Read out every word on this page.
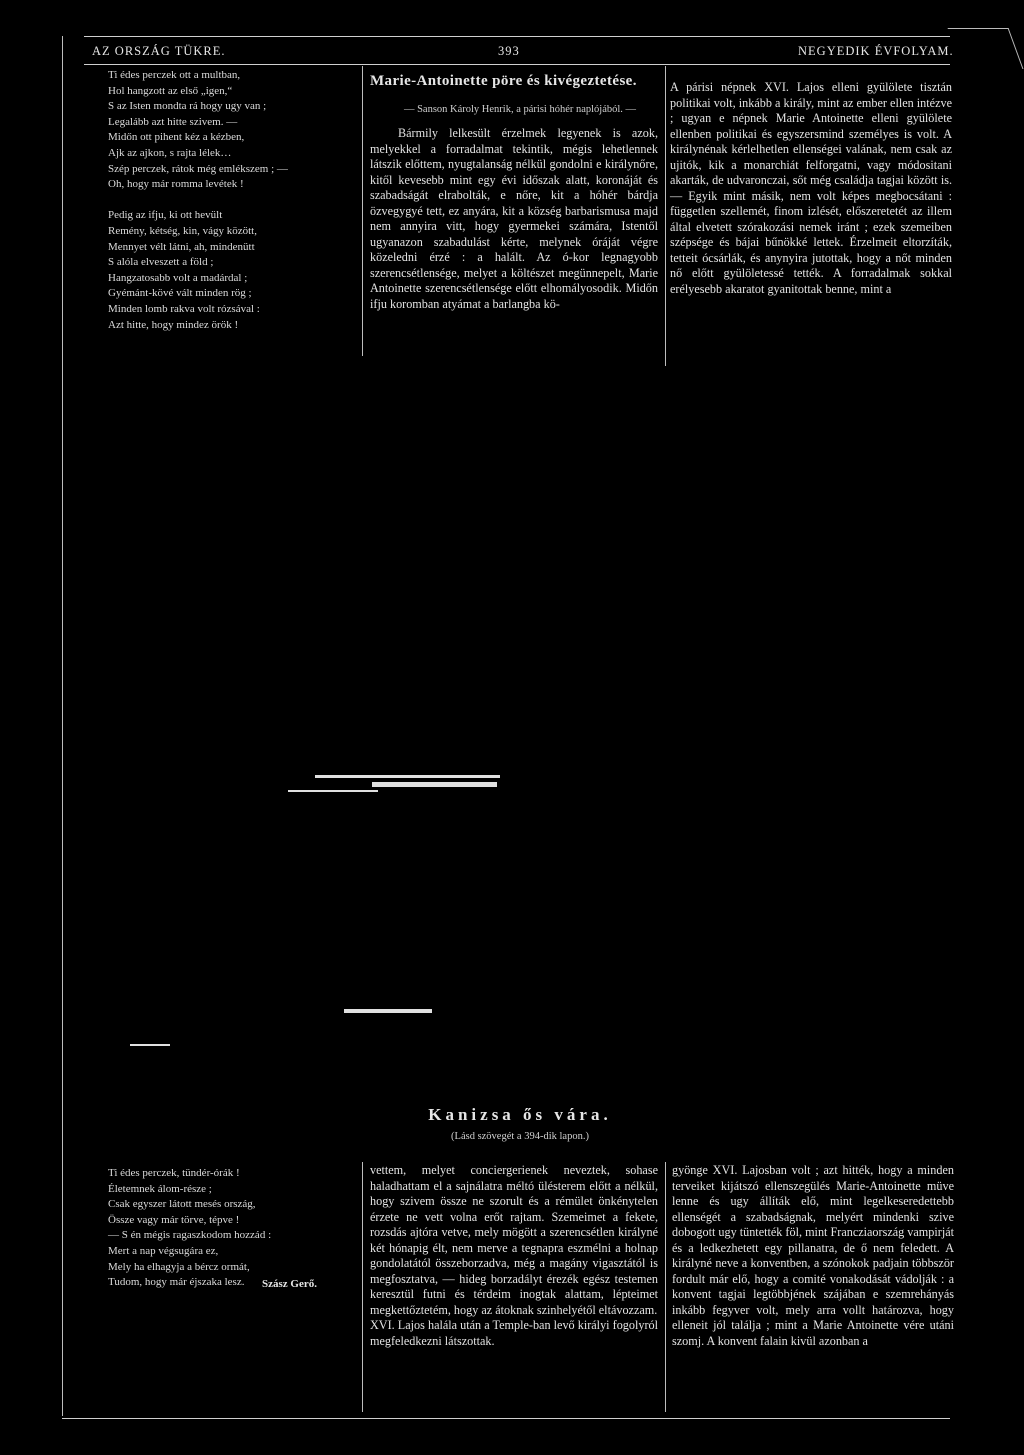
AZ ORSZÁG TÜKRE.	393	NEGYEDIK ÉVFOLYAM.
Ti édes perczek ott a multban,
Hol hangzott az első „igen,“
S az Isten mondta rá hogy ugy van ;
Legalább azt hitte szivem. —
Midőn ott pihent kéz a kézben,
Ajk az ajkon, s rajta lélek…
Szép perczek, rátok még emlékszem ; —
Oh, hogy már romma levétek !

Pedig az ifju, ki ott hevült
Remény, kétség, kin, vágy között,
Mennyet vélt látni, ah, mindenütt
S alóla elveszett a föld ;
Hangzatosabb volt a madárdal ;
Gyémánt-kövé vált minden rög ;
Minden lomb rakva volt rózsával :
Azt hitte, hogy mindez örök !
Marie-Antoinette pöre és kivégeztetése.
— Sanson Károly Henrik, a párisi hóhér naplójából. —
Bármily lelkesült érzelmek legyenek is azok, melyekkel a forradalmat tekintik, mégis lehetlennek látszik előttem, nyugtalanság nélkül gondolni e királynőre, kitől kevesebb mint egy évi időszak alatt, koronáját és szabadságát elrabolták, e nőre, kit a hóhér bárdja özvegygyé tett, ez anyára, kit a község barbarismusa majd nem annyira vitt, hogy gyermekei számára, Istentől ugyanazon szabadulást kérte, melynek óráját végre közeledni érzé : a halált. Az ó-kor legnagyobb szerencsétlensége, melyet a költészet megünnepelt, Marie Antoinette szerencsétlensége előtt elhomályosodik. Midőn ifju koromban atyámat a barlangba kö-
A párisi népnek XVI. Lajos elleni gyülölete tisztán politikai volt, inkább a király, mint az ember ellen intézve ; ugyan e népnek Marie Antoinette elleni gyülölete ellenben politikai és egyszersmind személyes is volt. A királynénak kérlelhetlen ellenségei valának, nem csak az ujitók, kik a monarchiát felforgatni, vagy módositani akarták, de udvaronczai, sőt még családja tagjai között is. — Egyik mint másik, nem volt képes megbocsátani : független szellemét, finom izlését, előszeretetét az illem által elvetett szórakozási nemek iránt ; ezek szemeiben szépsége és bájai bűnökké lettek. Érzelmeit eltorzíták, tetteit ócsárlák, és anynyira jutottak, hogy a nőt minden nő előtt gyülöletessé tették. A forradalmak sokkal erélyesebb akaratot gyanitottak benne, mint a
Kanizsa ős vára.
(Lásd szövegét a 394-dik lapon.)
Ti édes perczek, tündér-órák !
Életemnek álom-része ;
Csak egyszer látott mesés ország,
Össze vagy már törve, tépve !
— S én mégis ragaszkodom hozzád :
Mert a nap végsugára ez,
Mely ha elhagyja a bércz ormát,
Tudom, hogy már éjszaka lesz.	Szász Gerő.
vettem, melyet conciergerienek neveztek, sohase haladhattam el a sajnálatra méltó ülésterem előtt a nélkül, hogy szivem össze ne szorult és a rémület önkénytelen érzete ne vett volna erőt rajtam. Szemeimet a fekete, rozsdás ajtóra vetve, mely mögött a szerencsétlen királyné két hónapig élt, nem merve a tegnapra eszmélni a holnap gondolatától összeborzadva, még a magány vigasztától is megfosztatva, — hideg borzadályt érezék egész testemen keresztül futni és térdeim inogtak alattam, lépteimet megkettőztetém, hogy az átoknak szinhelyétől eltávozzam.
XVI. Lajos halála után a Temple-ban levő királyi fogolyról megfeledkezni látszottak.
gyönge XVI. Lajosban volt ; azt hitték, hogy a minden terveiket kijátszó ellenszegülés Marie-Antoinette müve lenne és ugy állíták elő, mint legelkeseredettebb ellenségét a szabadságnak, melyért mindenki szive dobogott ugy tüntették föl, mint Francziaország vampirját és a ledkezhetett egy pillanatra, de ő nem feledett. A királyné neve a konventben, a szónokok padjain többször fordult már elő, hogy a comité vonakodását vádolják : a konvent tagjai legtöbbjének szájában e szemrehányás inkább fegyver volt, mely arra vollt határozva, hogy elleneit jól találja ; mint a Marie Antoinette vére utáni szomj. A konvent falain kivül azonban a
